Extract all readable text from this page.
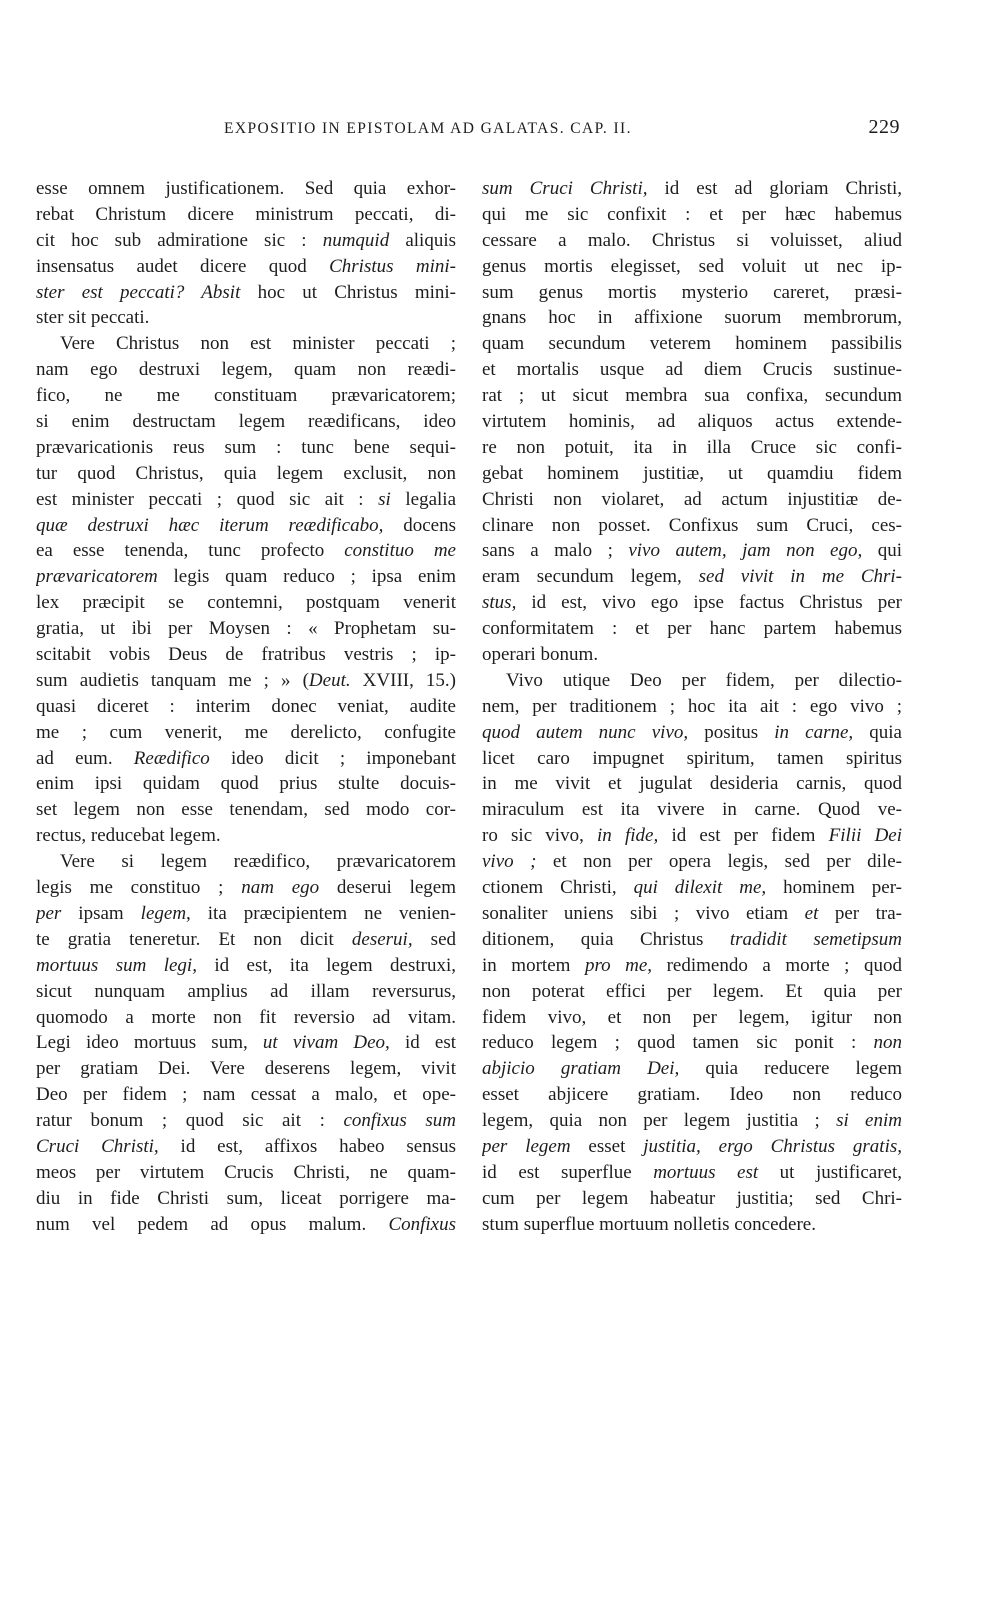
EXPOSITIO IN EPISTOLAM AD GALATAS. CAP. II.	229
esse omnem justificationem. Sed quia exhor-
rebat Christum dicere ministrum peccati, di-
cit hoc sub admiratione sic : numquid aliquis
insensatus audet dicere quod Christus mini-
ster est peccati? Absit hoc ut Christus mini-
ster sit peccati.
Vere Christus non est minister peccati ;
nam ego destruxi legem, quam non reædi-
fico, ne me constituam prævaricatorem;
si enim destructam legem reædificans, ideo
prævaricationis reus sum : tunc bene sequi-
tur quod Christus, quia legem exclusit, non
est minister peccati ; quod sic ait : si legalia
quæ destruxi hæc iterum reædificabo, docens
ea esse tenenda, tunc profecto constituo me
prævaricatorem legis quam reduco ; ipsa enim
lex præcipit se contemni, postquam venerit
gratia, ut ibi per Moysen : « Prophetam su-
scitabit vobis Deus de fratribus vestris ; ip-
sum audietis tanquam me ; » (Deut. XVIII, 15.)
quasi diceret : interim donec veniat, audite
me ; cum venerit, me derelicto, confugite
ad eum. Reædifico ideo dicit ; imponebant
enim ipsi quidam quod prius stulte docuis-
set legem non esse tenendam, sed modo cor-
rectus, reducebat legem.
Vere si legem reædifico, prævaricatorem
legis me constituo ; nam ego deserui legem
per ipsam legem, ita præcipientem ne venien-
te gratia teneretur. Et non dicit deserui, sed
mortuus sum legi, id est, ita legem destruxi,
sicut nunquam amplius ad illam reversurus,
quomodo a morte non fit reversio ad vitam.
Legi ideo mortuus sum, ut vivam Deo, id est
per gratiam Dei. Vere deserens legem, vivit
Deo per fidem ; nam cessat a malo, et ope-
ratur bonum ; quod sic ait : confixus sum
Cruci Christi, id est, affixos habeo sensus
meos per virtutem Crucis Christi, ne quam-
diu in fide Christi sum, liceat porrigere ma-
num vel pedem ad opus malum. Confixus
sum Cruci Christi, id est ad gloriam Christi,
qui me sic confixit : et per hæc habemus
cessare a malo. Christus si voluisset, aliud
genus mortis elegisset, sed voluit ut nec ip-
sum genus mortis mysterio careret, præsi-
gnans hoc in affixione suorum membrorum,
quam secundum veterem hominem passibilis
et mortalis usque ad diem Crucis sustinue-
rat ; ut sicut membra sua confixa, secundum
virtutem hominis, ad aliquos actus extende-
re non potuit, ita in illa Cruce sic confi-
gebat hominem justitiæ, ut quamdiu fidem
Christi non violaret, ad actum injustitiæ de-
clinare non posset. Confixus sum Cruci, ces-
sans a malo ; vivo autem, jam non ego, qui
eram secundum legem, sed vivit in me Chri-
stus, id est, vivo ego ipse factus Christus per
conformitatem : et per hanc partem habemus
operari bonum.
Vivo utique Deo per fidem, per dilectio-
nem, per traditionem ; hoc ita ait : ego vivo ;
quod autem nunc vivo, positus in carne, quia
licet caro impugnet spiritum, tamen spiritus
in me vivit et jugulat desideria carnis, quod
miraculum est ita vivere in carne. Quod ve-
ro sic vivo, in fide, id est per fidem Filii Dei
vivo ; et non per opera legis, sed per dile-
ctionem Christi, qui dilexit me, hominem per-
sonaliter uniens sibi ; vivo etiam et per tra-
ditionem, quia Christus tradidit semetipsum
in mortem pro me, redimendo a morte ; quod
non poterat effici per legem. Et quia per
fidem vivo, et non per legem, igitur non
reduco legem ; quod tamen sic ponit : non
abjicio gratiam Dei, quia reducere legem
esset abjicere gratiam. Ideo non reduco
legem, quia non per legem justitia ; si enim
per legem esset justitia, ergo Christus gratis,
id est superflue mortuus est ut justificaret,
cum per legem habeatur justitia; sed Chri-
stum superflue mortuum nolletis concedere.
